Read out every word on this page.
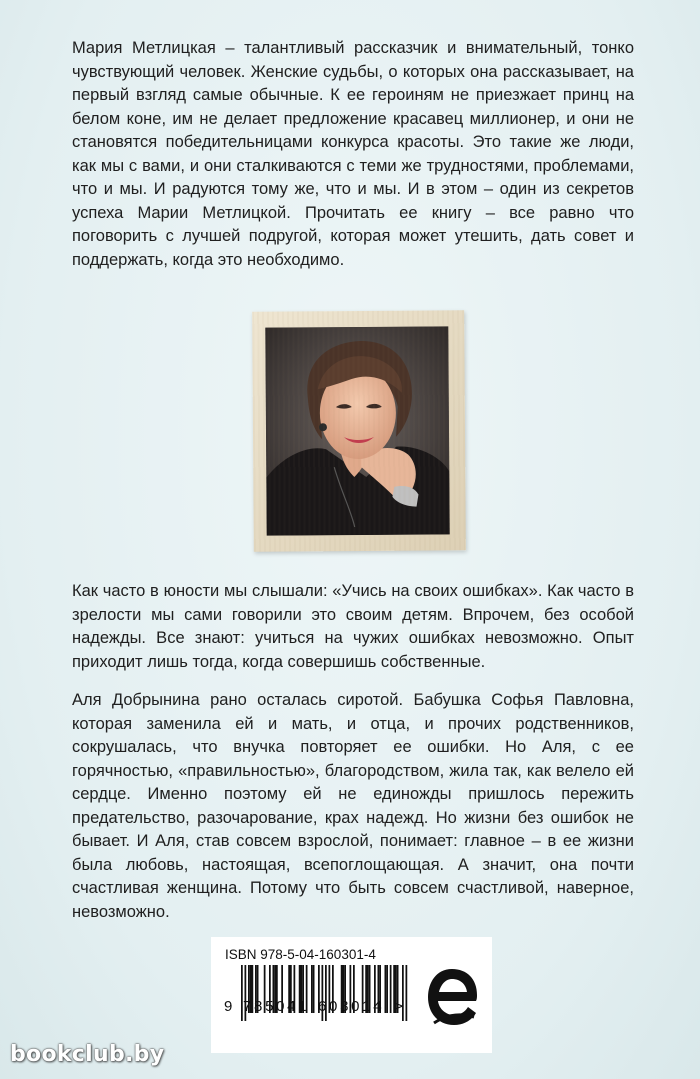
Мария Метлицкая – талантливый рассказчик и внимательный, тонко чувствующий человек. Женские судьбы, о которых она рассказывает, на первый взгляд самые обычные. К ее героиням не приезжает принц на белом коне, им не делает предложение красавец миллионер, и они не становятся победительницами конкурса красоты. Это такие же люди, как мы с вами, и они сталкиваются с теми же трудностями, проблемами, что и мы. И радуются тому же, что и мы. И в этом – один из секретов успеха Марии Метлицкой. Прочитать ее книгу – все равно что поговорить с лучшей подругой, которая может утешить, дать совет и поддержать, когда это необходимо.

Как часто в юности мы слышали: «Учись на своих ошибках». Как часто в зрелости мы сами говорили это своим детям. Впрочем, без особой надежды. Все знают: учиться на чужих ошибках невозможно. Опыт приходит лишь тогда, когда совершишь собственные.

Аля Добрынина рано осталась сиротой. Бабушка Софья Павловна, которая заменила ей и мать, и отца, и прочих родственников, сокрушалась, что внучка повторяет ее ошибки. Но Аля, с ее горячностью, «правильностью», благородством, жила так, как велело ей сердце. Именно поэтому ей не единожды пришлось пережить предательство, разочарование, крах надежд. Но жизни без ошибок не бывает. И Аля, став совсем взрослой, понимает: главное – в ее жизни была любовь, настоящая, всепоглощающая. А значит, она почти счастливая женщина. Потому что быть совсем счастливой, наверное, невозможно.

ISBN 978-5-04-160301-4
9 785041 603014 >
bookclub.by
